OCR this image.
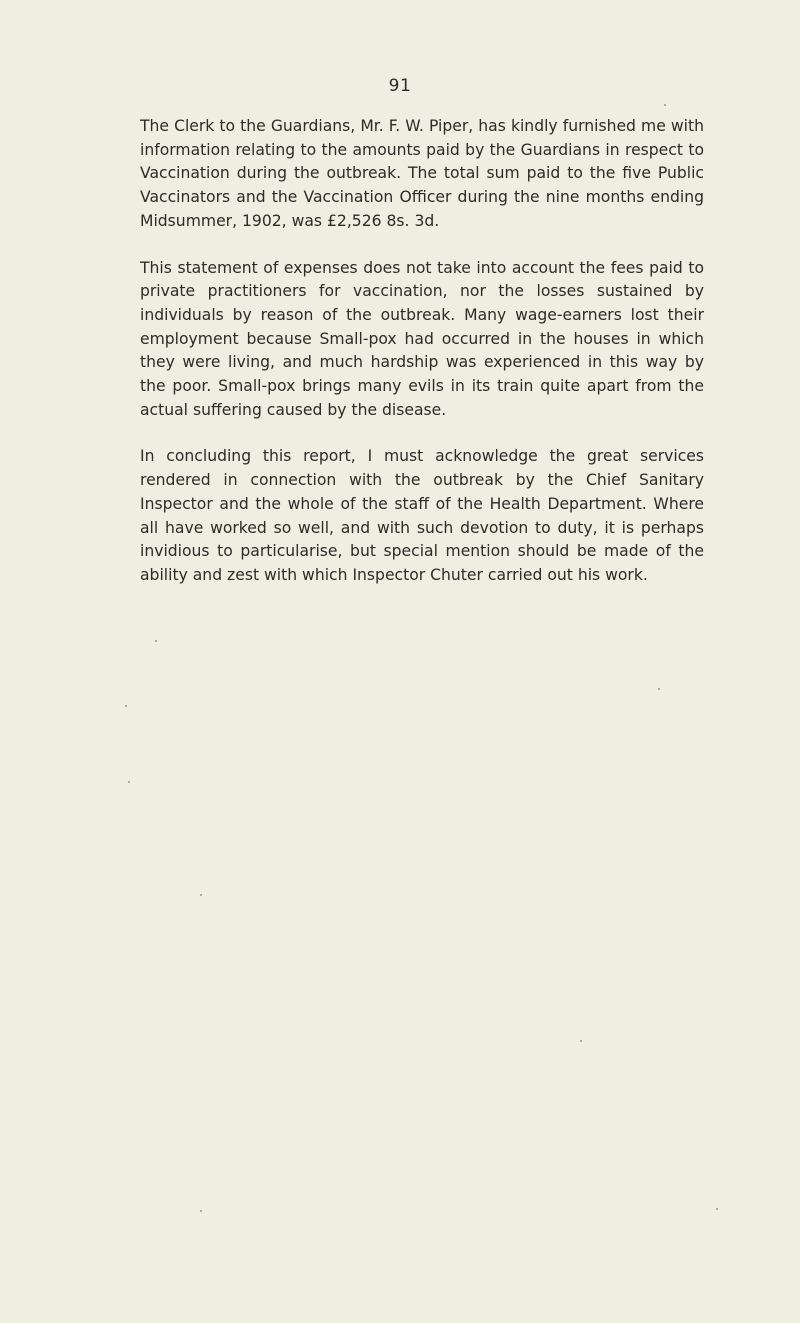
91

The Clerk to the Guardians, Mr. F. W. Piper, has kindly furnished me with information relating to the amounts paid by the Guardians in respect to Vaccination during the outbreak. The total sum paid to the five Public Vaccinators and the Vaccination Officer during the nine months ending Midsummer, 1902, was £2,526 8s. 3d.

This statement of expenses does not take into account the fees paid to private practitioners for vaccination, nor the losses sustained by individuals by reason of the outbreak. Many wage-earners lost their employment because Small-pox had occurred in the houses in which they were living, and much hardship was experienced in this way by the poor. Small-pox brings many evils in its train quite apart from the actual suffering caused by the disease.

In concluding this report, I must acknowledge the great services rendered in connection with the outbreak by the Chief Sanitary Inspector and the whole of the staff of the Health Department. Where all have worked so well, and with such devotion to duty, it is perhaps invidious to particularise, but special mention should be made of the ability and zest with which Inspector Chuter carried out his work.
